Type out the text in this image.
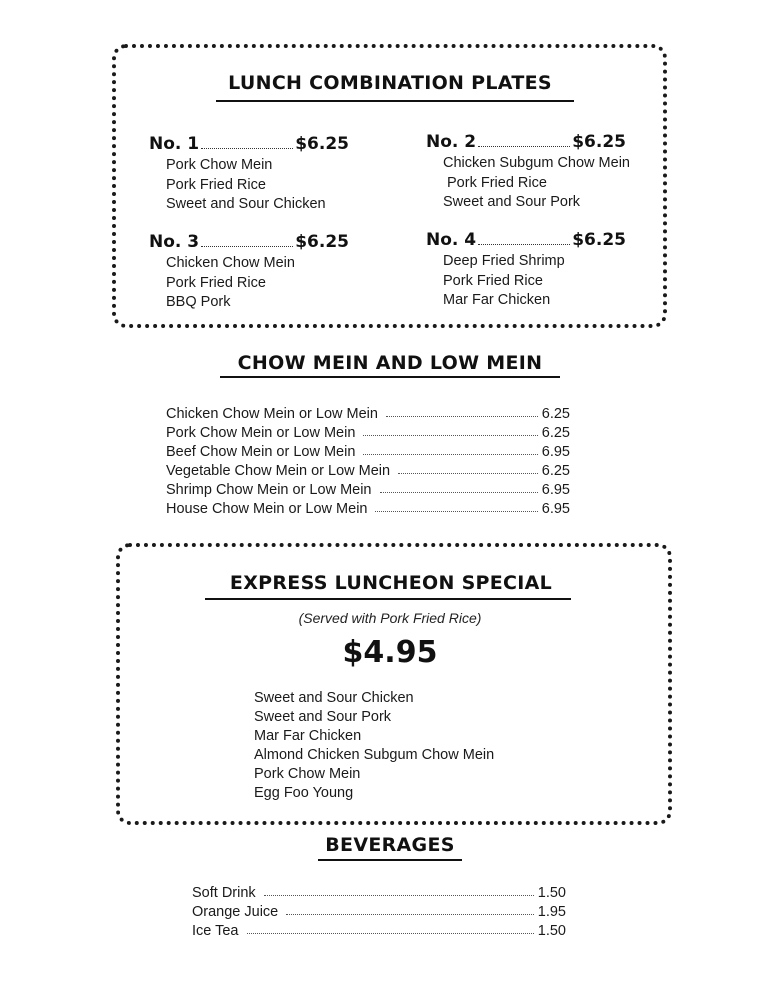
LUNCH COMBINATION PLATES
No. 1	$6.25
Pork Chow Mein
Pork Fried Rice
Sweet and Sour Chicken
No. 2	$6.25
Chicken Subgum Chow Mein
Pork Fried Rice
Sweet and Sour Pork
No. 3	$6.25
Chicken Chow Mein
Pork Fried Rice
BBQ Pork
No. 4	$6.25
Deep Fried Shrimp
Pork Fried Rice
Mar Far Chicken
CHOW MEIN AND LOW MEIN
Chicken Chow Mein or Low Mein	6.25
Pork Chow Mein or Low Mein	6.25
Beef Chow Mein or Low Mein	6.95
Vegetable Chow Mein or Low Mein	6.25
Shrimp Chow Mein or Low Mein	6.95
House Chow Mein or Low Mein	6.95
EXPRESS LUNCHEON SPECIAL
(Served with Pork Fried Rice)
$4.95
Sweet and Sour Chicken
Sweet and Sour Pork
Mar Far Chicken
Almond Chicken Subgum Chow Mein
Pork Chow Mein
Egg Foo Young
BEVERAGES
Soft Drink	1.50
Orange Juice	1.95
Ice Tea	1.50
